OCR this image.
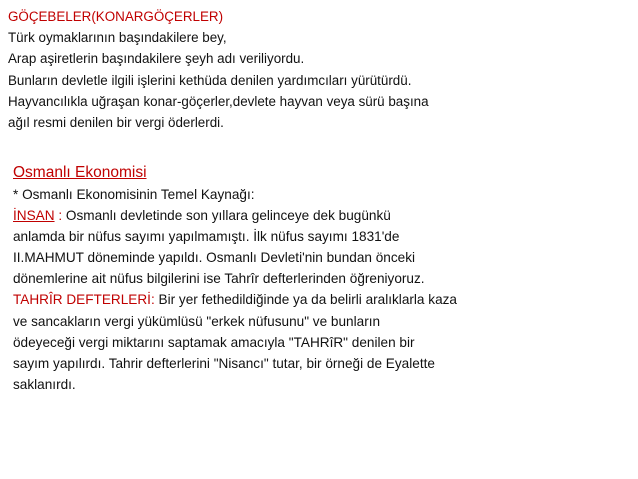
GÖÇEBELER(KONARGÖÇERLER)
Türk oymaklarının başındakilere bey,
Arap aşiretlerin başındakilere şeyh adı veriliyordu.
Bunların devletle ilgili işlerini kethüda denilen yardımcıları yürütürdü.
Hayvancılıkla uğraşan konar-göçerler,devlete hayvan veya sürü başına
ağıl resmi denilen bir vergi öderlerdi.
Osmanlı Ekonomisi
* Osmanlı Ekonomisinin Temel Kaynağı:
İNSAN : Osmanlı devletinde son yıllara gelinceye dek bugünkü
anlamda bir nüfus sayımı yapılmamıştı. İlk nüfus sayımı 1831'de
II.MAHMUT döneminde yapıldı. Osmanlı Devleti'nin bundan önceki
dönemlerine ait nüfus bilgilerini ise Tahrîr defterlerinden öğreniyoruz.
TAHRÎR DEFTERLERİ: Bir yer fethedildiğinde ya da belirli aralıklarla kaza
ve sancakların vergi yükümlüsü "erkek nüfusunu" ve bunların
ödeyeceği vergi miktarını saptamak amacıyla "TAHRîR" denilen bir
sayım yapılırdı. Tahrir defterlerini "Nisancı" tutar, bir örneği de Eyalette
saklanırdı.
